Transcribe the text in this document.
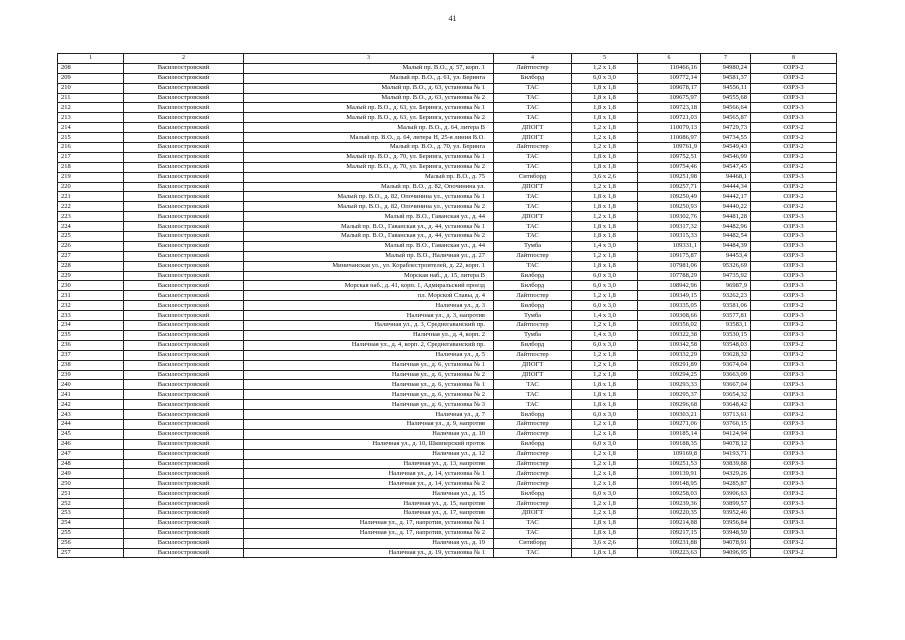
41
1	2	3	4	5	6	7	8
208	Василеостровский	Малый пр. В.О., д. 57, корп. 1	Лайтпостер	1,2 x 1,8	110466,16	94980,24	ОЗРЗ-2
209	Василеостровский	Малый пр. В.О., д. 61, ул. Беринга	Билборд	6,0 x 3,0	109772,14	94581,37	ОЗРЗ-2
210	Василеостровский	Малый пр. В.О., д. 63, установка № 1	ТАС	1,8 x 1,8	109678,17	94556,11	ОЗРЗ-3
211	Василеостровский	Малый пр. В.О., д. 63, установка № 2	ТАС	1,8 x 1,8	109675,97	94555,68	ОЗРЗ-3
212	Василеостровский	Малый пр. В.О., д. 63, ул. Беринга, установка № 1	ТАС	1,8 x 1,8	109723,18	94566,64	ОЗРЗ-3
213	Василеостровский	Малый пр. В.О., д. 63, ул. Беринга, установка № 2	ТАС	1,8 x 1,8	109721,03	94565,87	ОЗРЗ-3
214	Василеостровский	Малый пр. В.О., д. 64, литера В	ДПОГТ	1,2 x 1,8	110079,13	94729,73	ОЗРЗ-2
215	Василеостровский	Малый пр. В.О., д. 64, литера Н, 25-я линия В.О.	ДПОГТ	1,2 x 1,8	110086,97	94734,55	ОЗРЗ-2
216	Василеостровский	Малый пр. В.О., д. 70, ул. Беринга	Лайтпостер	1,2 x 1,8	109761,9	94549,43	ОЗРЗ-2
217	Василеостровский	Малый пр. В.О., д. 70, ул. Беринга, установка № 1	ТАС	1,8 x 1,8	109752,51	94546,99	ОЗРЗ-2
218	Василеостровский	Малый пр. В.О., д. 70, ул. Беринга, установка № 2	ТАС	1,8 x 1,8	109754,46	94547,45	ОЗРЗ-2
219	Василеостровский	Малый пр. В.О., д. 75	Ситиборд	3,6 x 2,6	109251,98	94468,1	ОЗРЗ-3
220	Василеостровский	Малый пр. В.О., д. 82, Опочинина ул.	ДПОГТ	1,2 x 1,8	109257,71	94444,34	ОЗРЗ-2
221	Василеостровский	Малый пр. В.О., д. 82, Опочинина ул., установка № 1	ТАС	1,8 x 1,8	109250,49	94442,17	ОЗРЗ-2
222	Василеостровский	Малый пр. В.О., д. 82, Опочинина ул., установка № 2	ТАС	1,8 x 1,8	109250,93	94440,22	ОЗРЗ-2
223	Василеостровский	Малый пр. В.О., Гаванская ул., д. 44	ДПОГТ	1,2 x 1,8	109302,76	94481,28	ОЗРЗ-3
224	Василеостровский	Малый пр. В.О., Гаванская ул., д. 44, установка № 1	ТАС	1,8 x 1,8	109317,32	94482,96	ОЗРЗ-3
225	Василеостровский	Малый пр. В.О., Гаванская ул., д. 44, установка № 2	ТАС	1,8 x 1,8	109315,33	94482,54	ОЗРЗ-3
226	Василеостровский	Малый пр. В.О., Гаванская ул., д. 44	Тумба	1,4 x 3,0	109331,1	94484,39	ОЗРЗ-3
227	Василеостровский	Малый пр. В.О., Наличная ул., д. 27	Лайтпостер	1,2 x 1,8	109175,87	94453,4	ОЗРЗ-3
228	Василеостровский	Миничанская ул., ул. Кораблестроителей, д. 22, корп. 1	ТАС	1,8 x 1,8	107981,06	95326,69	ОЗРЗ-3
229	Василеостровский	Морская наб., д. 15, литера В	Билборд	6,0 x 3,0	107788,29	94735,92	ОЗРЗ-3
230	Василеостровский	Морская наб., д. 41, корп. 1, Адмиральский проезд	Билборд	6,0 x 3,0	108942,96	96987,9	ОЗРЗ-3
231	Василеостровский	пл. Морской Славы, д. 4	Лайтпостер	1,2 x 1,8	109349,15	93262,23	ОЗРЗ-3
232	Василеостровский	Наличная ул., д. 3	Билборд	6,0 x 3,0	109335,05	93581,06	ОЗРЗ-2
233	Василеостровский	Наличная ул., д. 3, напротив	Тумба	1,4 x 3,0	109308,66	93577,81	ОЗРЗ-3
234	Василеостровский	Наличная ул., д. 3, Среднегаванский пр.	Лайтпостер	1,2 x 1,8	109356,02	93583,1	ОЗРЗ-2
235	Василеостровский	Наличная ул., д. 4, корп. 2	Тумба	1,4 x 3,0	109322,38	93530,15	ОЗРЗ-3
236	Василеостровский	Наличная ул., д. 4, корп. 2, Среднегаванский пр.	Билборд	6,0 x 3,0	109342,58	93548,03	ОЗРЗ-2
237	Василеостровский	Наличная ул., д. 5	Лайтпостер	1,2 x 1,8	109332,29	93628,32	ОЗРЗ-2
238	Василеостровский	Наличная ул., д. 6, установка № 1	ДПОГТ	1,2 x 1,8	109291,89	93674,04	ОЗРЗ-3
239	Василеостровский	Наличная ул., д. 6, установка № 2	ДПОГТ	1,2 x 1,8	109294,25	93663,09	ОЗРЗ-3
240	Василеостровский	Наличная ул., д. 6, установка № 1	ТАС	1,8 x 1,8	109293,33	93667,04	ОЗРЗ-3
241	Василеостровский	Наличная ул., д. 6, установка № 2	ТАС	1,8 x 1,8	109295,37	93654,32	ОЗРЗ-3
242	Василеостровский	Наличная ул., д. 6, установка № 3	ТАС	1,8 x 1,8	109296,68	93648,42	ОЗРЗ-3
243	Василеостровский	Наличная ул., д. 7	Билборд	6,0 x 3,0	109303,21	93713,61	ОЗРЗ-2
244	Василеостровский	Наличная ул., д. 9, напротив	Лайтпостер	1,2 x 1,8	109271,06	93766,15	ОЗРЗ-3
245	Василеостровский	Наличная ул., д. 10	Лайтпостер	1,2 x 1,8	109185,14	94124,94	ОЗРЗ-3
246	Василеостровский	Наличная ул., д. 10, Шкиперский проток	Билборд	6,0 x 3,0	109188,35	94078,12	ОЗРЗ-3
247	Василеостровский	Наличная ул., д. 12	Лайтпостер	1,2 x 1,8	109169,8	94193,71	ОЗРЗ-3
248	Василеостровский	Наличная ул., д. 13, напротив	Лайтпостер	1,2 x 1,8	109251,53	93839,88	ОЗРЗ-3
249	Василеостровский	Наличная ул., д. 14, установка № 1	Лайтпостер	1,2 x 1,8	109139,91	94329,26	ОЗРЗ-3
250	Василеостровский	Наличная ул., д. 14, установка № 2	Лайтпостер	1,2 x 1,8	109148,95	94285,87	ОЗРЗ-3
251	Василеостровский	Наличная ул., д. 15	Билборд	6,0 x 3,0	109258,03	93906,63	ОЗРЗ-2
252	Василеостровский	Наличная ул., д. 15, напротив	Лайтпостер	1,2 x 1,8	109239,36	93899,57	ОЗРЗ-3
253	Василеостровский	Наличная ул., д. 17, напротив	ДПОГТ	1,2 x 1,8	109220,35	93952,46	ОЗРЗ-3
254	Василеостровский	Наличная ул., д. 17, напротив, установка № 1	ТАС	1,8 x 1,8	109214,88	93956,84	ОЗРЗ-3
255	Василеостровский	Наличная ул., д. 17, напротив, установка № 2	ТАС	1,8 x 1,8	109217,15	93948,59	ОЗРЗ-3
256	Василеостровский	Наличная ул., д. 19	Ситиборд	3,6 x 2,6	109231,88	94078,91	ОЗРЗ-2
257	Василеостровский	Наличная ул., д. 19, установка № 1	ТАС	1,8 x 1,8	109223,63	94096,95	ОЗРЗ-2
